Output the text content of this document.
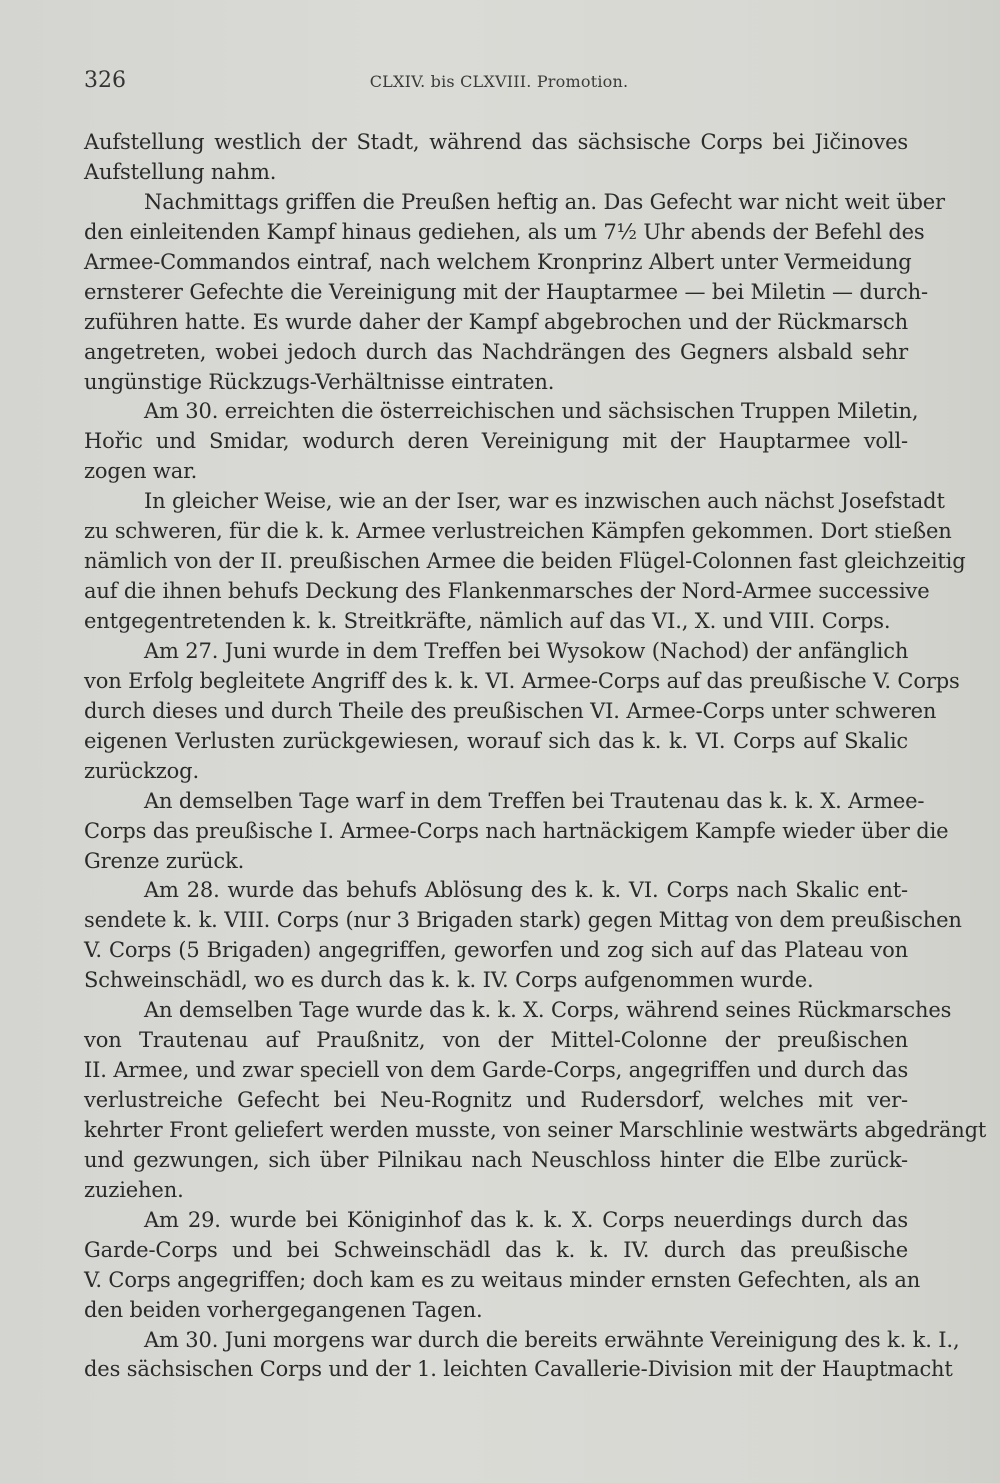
326	CLXIV. bis CLXVIII. Promotion.
Aufstellung westlich der Stadt, während das sächsische Corps bei Jičinoves
Aufstellung nahm.
Nachmittags griffen die Preußen heftig an. Das Gefecht war nicht weit über
den einleitenden Kampf hinaus gediehen, als um 7½ Uhr abends der Befehl des
Armee-Commandos eintraf, nach welchem Kronprinz Albert unter Vermeidung
ernsterer Gefechte die Vereinigung mit der Hauptarmee — bei Miletin — durch-
zuführen hatte. Es wurde daher der Kampf abgebrochen und der Rückmarsch
angetreten, wobei jedoch durch das Nachdrängen des Gegners alsbald sehr
ungünstige Rückzugs-Verhältnisse eintraten.
Am 30. erreichten die österreichischen und sächsischen Truppen Miletin,
Hořic und Smidar, wodurch deren Vereinigung mit der Hauptarmee voll-
zogen war.
In gleicher Weise, wie an der Iser, war es inzwischen auch nächst Josefstadt
zu schweren, für die k. k. Armee verlustreichen Kämpfen gekommen. Dort stießen
nämlich von der II. preußischen Armee die beiden Flügel-Colonnen fast gleichzeitig
auf die ihnen behufs Deckung des Flankenmarsches der Nord-Armee successive
entgegentretenden k. k. Streitkräfte, nämlich auf das VI., X. und VIII. Corps.
Am 27. Juni wurde in dem Treffen bei Wysokow (Nachod) der anfänglich
von Erfolg begleitete Angriff des k. k. VI. Armee-Corps auf das preußische V. Corps
durch dieses und durch Theile des preußischen VI. Armee-Corps unter schweren
eigenen Verlusten zurückgewiesen, worauf sich das k. k. VI. Corps auf Skalic
zurückzog.
An demselben Tage warf in dem Treffen bei Trautenau das k. k. X. Armee-
Corps das preußische I. Armee-Corps nach hartnäckigem Kampfe wieder über die
Grenze zurück.
Am 28. wurde das behufs Ablösung des k. k. VI. Corps nach Skalic ent-
sendete k. k. VIII. Corps (nur 3 Brigaden stark) gegen Mittag von dem preußischen
V. Corps (5 Brigaden) angegriffen, geworfen und zog sich auf das Plateau von
Schweinschädl, wo es durch das k. k. IV. Corps aufgenommen wurde.
An demselben Tage wurde das k. k. X. Corps, während seines Rückmarsches
von Trautenau auf Praußnitz, von der Mittel-Colonne der preußischen
II. Armee, und zwar speciell von dem Garde-Corps, angegriffen und durch das
verlustreiche Gefecht bei Neu-Rognitz und Rudersdorf, welches mit ver-
kehrter Front geliefert werden musste, von seiner Marschlinie westwärts abgedrängt
und gezwungen, sich über Pilnikau nach Neuschloss hinter die Elbe zurück-
zuziehen.
Am 29. wurde bei Königinhof das k. k. X. Corps neuerdings durch das
Garde-Corps und bei Schweinschädl das k. k. IV. durch das preußische
V. Corps angegriffen; doch kam es zu weitaus minder ernsten Gefechten, als an
den beiden vorhergegangenen Tagen.
Am 30. Juni morgens war durch die bereits erwähnte Vereinigung des k. k. I.,
des sächsischen Corps und der 1. leichten Cavallerie-Division mit der Hauptmacht
